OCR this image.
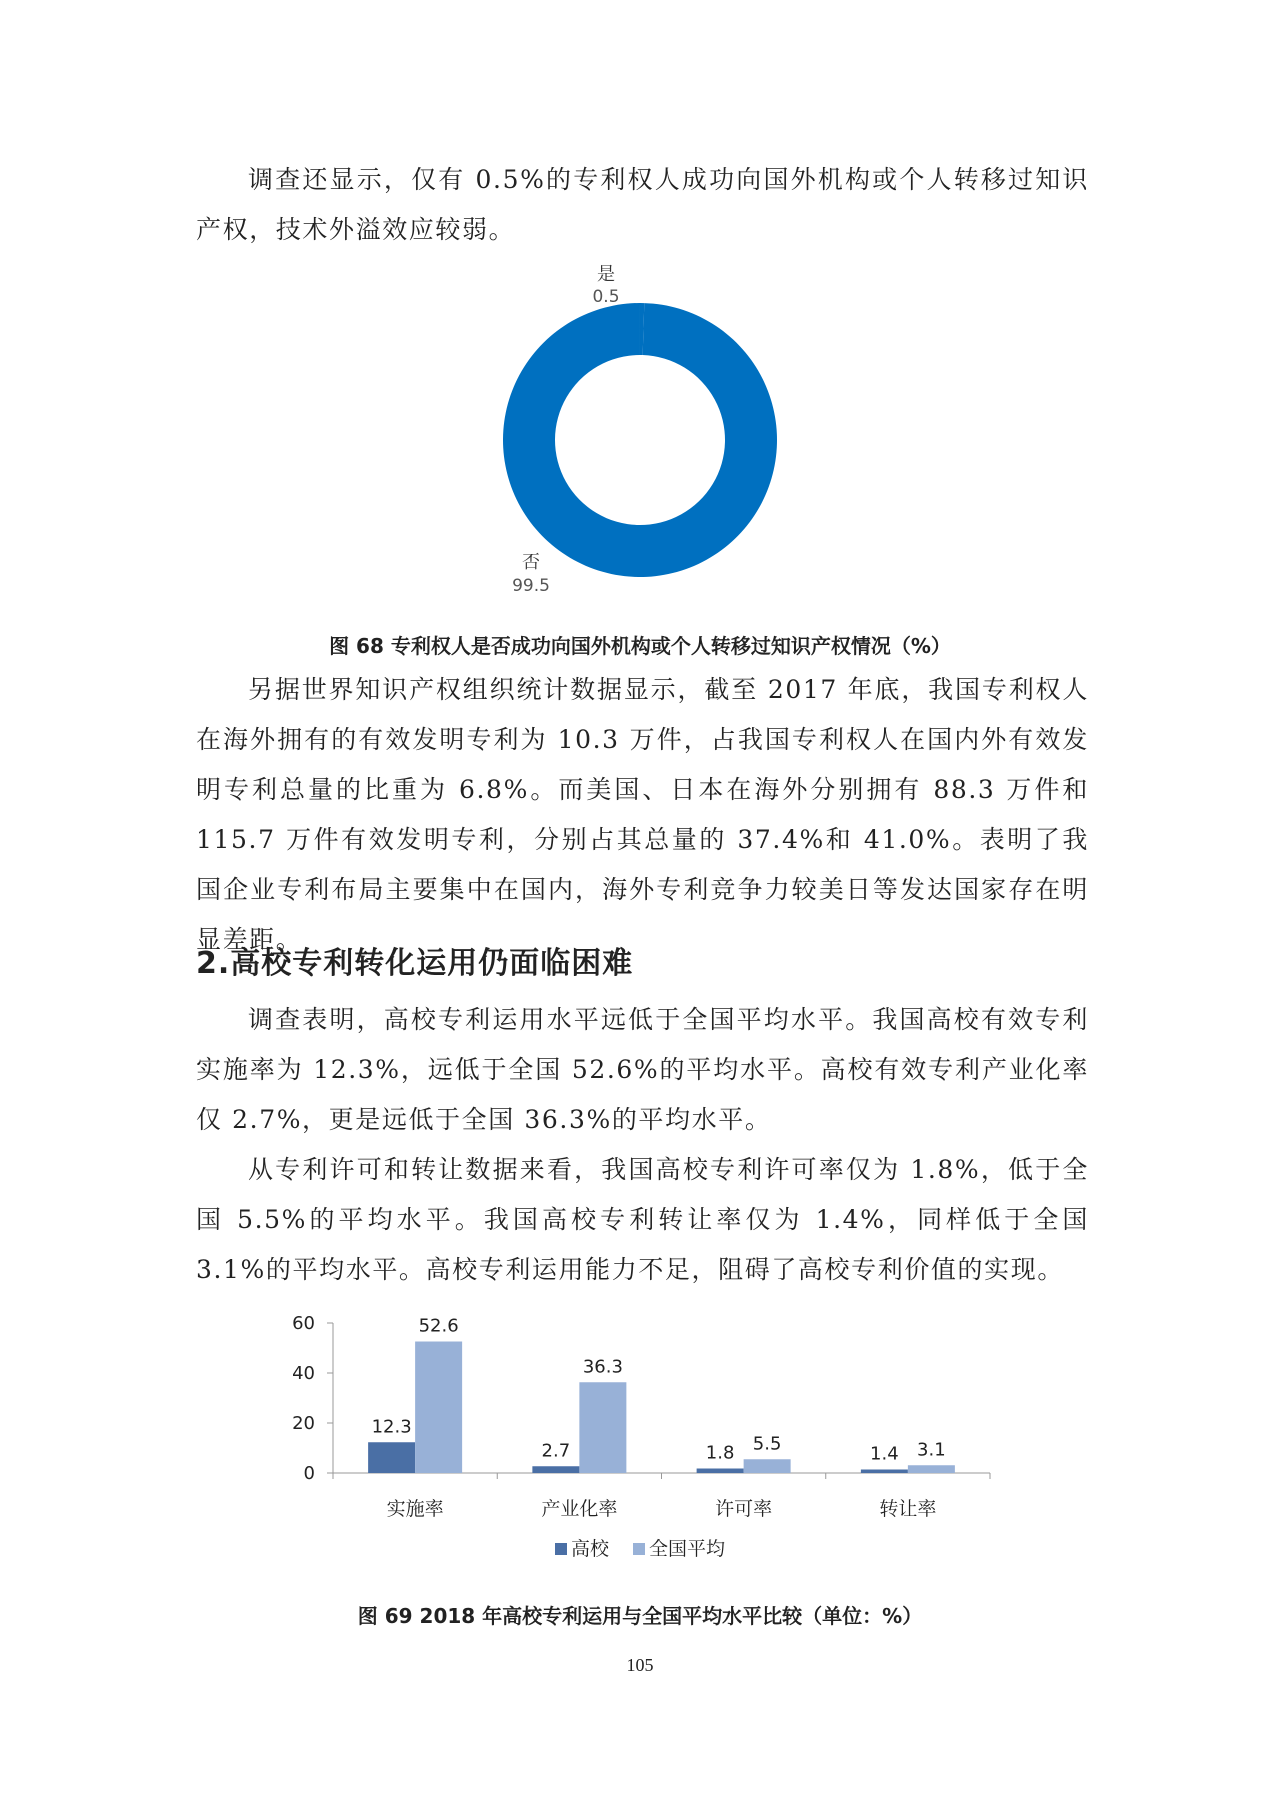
调查还显示，仅有 0.5%的专利权人成功向国外机构或个人转移过知识产权，技术外溢效应较弱。

是
0.5
否
99.5

图 68 专利权人是否成功向国外机构或个人转移过知识产权情况（%）

另据世界知识产权组织统计数据显示，截至 2017 年底，我国专利权人在海外拥有的有效发明专利为 10.3 万件，占我国专利权人在国内外有效发明专利总量的比重为 6.8%。而美国、日本在海外分别拥有 88.3 万件和 115.7 万件有效发明专利，分别占其总量的 37.4%和 41.0%。表明了我国企业专利布局主要集中在国内，海外专利竞争力较美日等发达国家存在明显差距。

2.高校专利转化运用仍面临困难

调查表明，高校专利运用水平远低于全国平均水平。我国高校有效专利实施率为 12.3%，远低于全国 52.6%的平均水平。高校有效专利产业化率仅 2.7%，更是远低于全国 36.3%的平均水平。

从专利许可和转让数据来看，我国高校专利许可率仅为 1.8%，低于全国 5.5%的平均水平。我国高校专利转让率仅为 1.4%，同样低于全国 3.1%的平均水平。高校专利运用能力不足，阻碍了高校专利价值的实现。

0
20
40
60
12.3
52.6
实施率
2.7
36.3
产业化率
1.8 5.5
许可率
1.4 3.1
转让率
高校 全国平均

图 69 2018 年高校专利运用与全国平均水平比较（单位：%）

105
